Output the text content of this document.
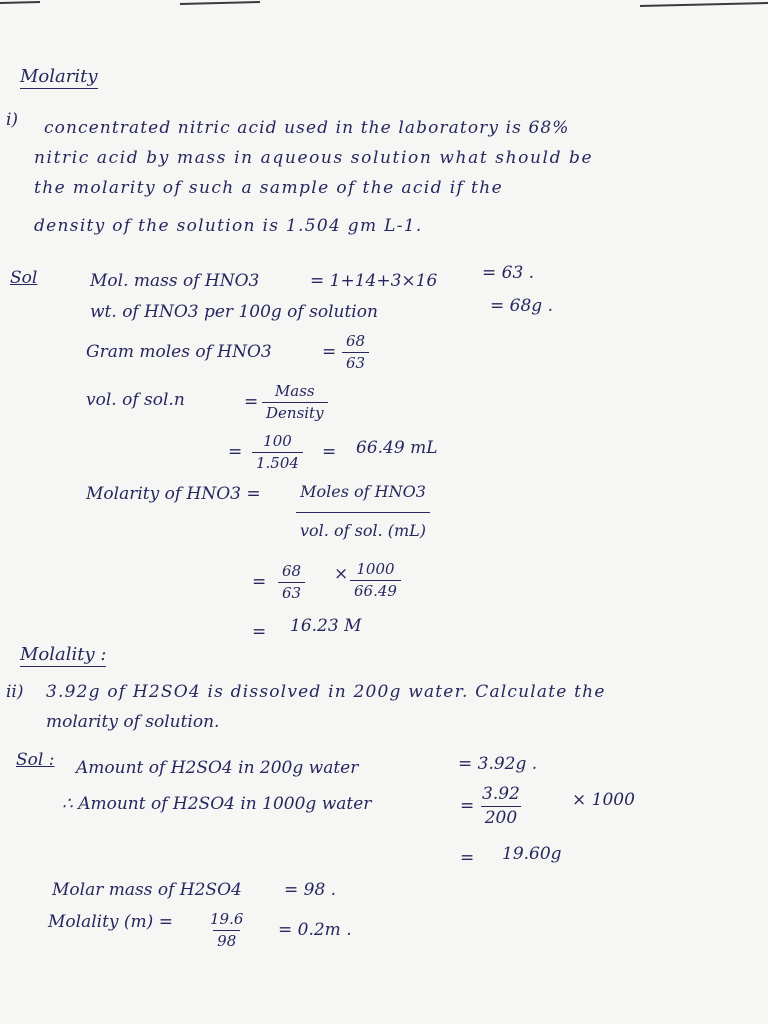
Molarity
i) concentrated nitric acid used in the laboratory is 68%
nitric acid by mass in aqueous solution what should be
the molarity of such a sample of the acid if the
density of the solution is 1.504 gm L-1.
Sol	Mol. mass of HNO3	= 1+14+3×16	= 63 .
wt. of HNO3 per 100g of solution	= 68g .
Gram moles of HNO3	= $\frac{68}{63}$
vol. of sol.n	=
Mass
Density
= $\frac{100}{1.504} = 66.49$ mL
Molarity of HNO3 = Moles of HNO3
vol. of sol. (mL)
= $\frac{68}{63} \times \frac{1000}{66.49}$
= 16.23 M
Molality :
ii) 3.92g of H2SO4 is dissolved in 200g water. Calculate the
molarity of solution.
Sol : Amount of H2SO4 in 200g water	= 3.92g .
∴ Amount of H2SO4 in 1000g water	= $\frac{3.92}{200}$	× 1000
= 19.60g
Molar mass of H2SO4 = 98 .
Molality $(m) = \frac{19.6}{98} = 0.2m$ .
